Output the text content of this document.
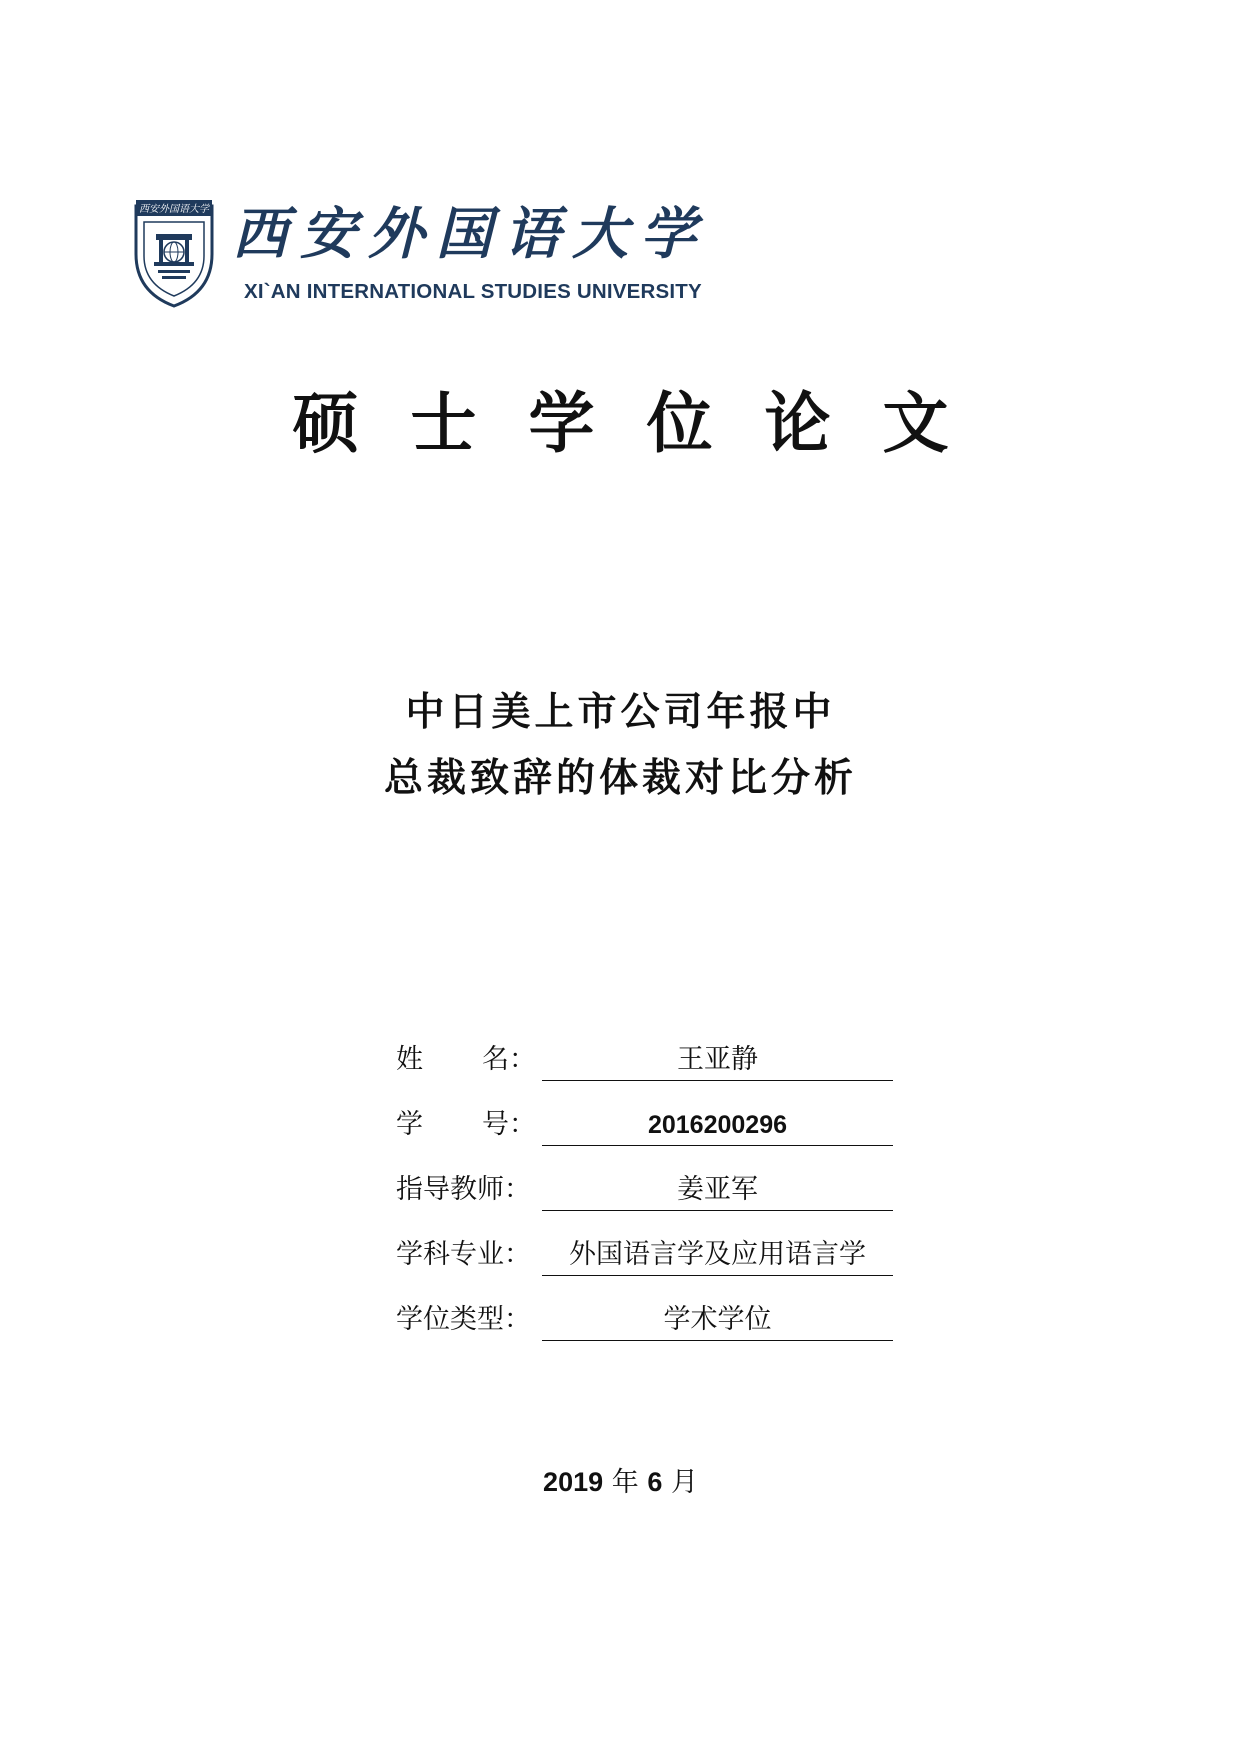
西安外国语大学 西安外国语大学
XI`AN INTERNATIONAL STUDIES UNIVERSITY
硕士学位论文
中日美上市公司年报中
总裁致辞的体裁对比分析
姓 名：	王亚静
学 号：	2016200296
指导教师：	姜亚军
学科专业：	外国语言学及应用语言学
学位类型：	学术学位
2019 年 6 月
